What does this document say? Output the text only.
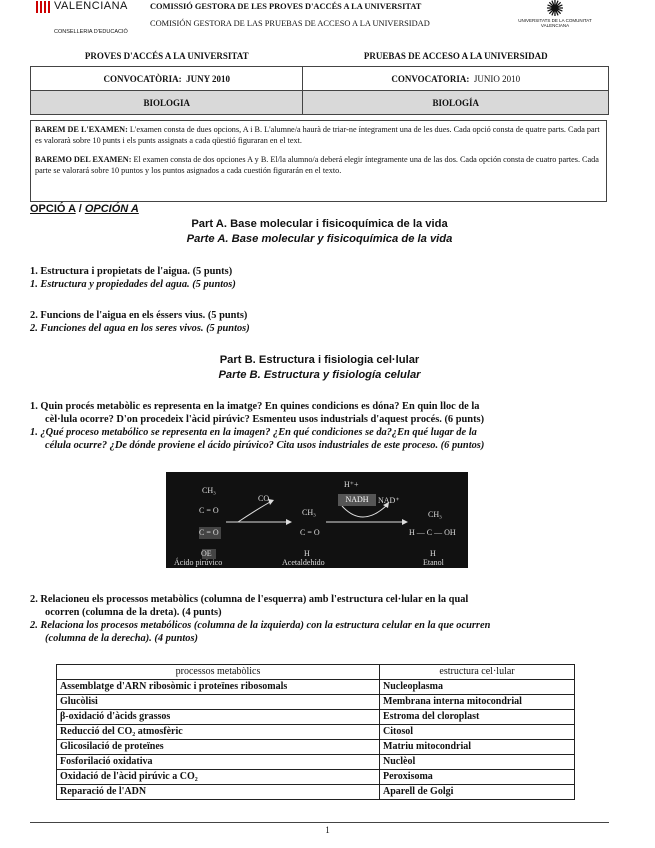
VALENCIANA
CONSELLERIA D'EDUCACIÓ
COMISSIÓ GESTORA DE LES PROVES D'ACCÉS A LA UNIVERSITAT
COMISIÓN GESTORA DE LAS PRUEBAS DE ACCESO A LA UNIVERSIDAD
✺
UNIVERSITATS DE LA COMUNITAT VALENCIANA
PROVES D'ACCÉS A LA UNIVERSITAT	PRUEBAS DE ACCESO A LA UNIVERSIDAD
CONVOCATÒRIA: JUNY 2010	CONVOCATORIA: JUNIO 2010
BIOLOGIA	BIOLOGÍA

BAREM DE L'EXAMEN: L'examen consta de dues opcions, A i B. L'alumne/a haurà de triar-ne íntegrament una de les dues. Cada opció consta de quatre parts. Cada part es valorarà sobre 10 punts i els punts assignats a cada qüestió figuraran en el text.

BAREMO DEL EXAMEN: El examen consta de dos opciones A y B. El/la alumno/a deberá elegir íntegramente una de las dos. Cada opción consta de cuatro partes. Cada parte se valorará sobre 10 puntos y los puntos asignados a cada cuestión figurarán en el texto.

OPCIÓ A / OPCIÓN A
Part A. Base molecular i fisicoquímica de la vida
Parte A. Base molecular y fisicoquímica de la vida
1. Estructura i propietats de l'aigua. (5 punts)
1. Estructura y propiedades del agua. (5 puntos)
2. Funcions de l'aigua en els éssers vius. (5 punts)
2. Funciones del agua en los seres vivos. (5 puntos)
Part B. Estructura i fisiologia cel·lular
Parte B. Estructura y fisiología celular
1. Quin procés metabòlic es representa en la imatge? En quines condicions es dóna? En quin lloc de la
cèl·lula ocorre? D'on procedeix l'àcid pirúvic? Esmenteu usos industrials d'aquest procés. (6 punts)
1. ¿Qué proceso metabólico se representa en la imagen? ¿En qué condiciones se da?¿En qué lugar de la
célula ocurre? ¿De dónde proviene el ácido pirúvico? Cita usos industriales de este proceso. (6 puntos)
CH₃
C = O
C = O
OE
CO₂
CH₃
C = O
H
H⁺+
NADH	NAD⁺
CH₃
H — C — OH
H
Ácido pirúvico	Acetaldehído	Etanol
2. Relacioneu els processos metabòlics (columna de l'esquerra) amb l'estructura cel·lular en la qual
ocorren (columna de la dreta). (4 punts)
2. Relaciona los procesos metabólicos (columna de la izquierda) con la estructura celular en la que ocurren
(columna de la derecha). (4 puntos)
processos metabòlics	estructura cel·lular
Assemblatge d'ARN ribosòmic i proteïnes ribosomals	Nucleoplasma
Glucòlisi	Membrana interna mitocondrial
β-oxidació d'àcids grassos	Estroma del cloroplast
Reducció del CO₂ atmosfèric	Citosol
Glicosilació de proteïnes	Matriu mitocondrial
Fosforilació oxidativa	Nuclèol
Oxidació de l'àcid pirúvic a CO₂	Peroxisoma
Reparació de l'ADN	Aparell de Golgi
1
